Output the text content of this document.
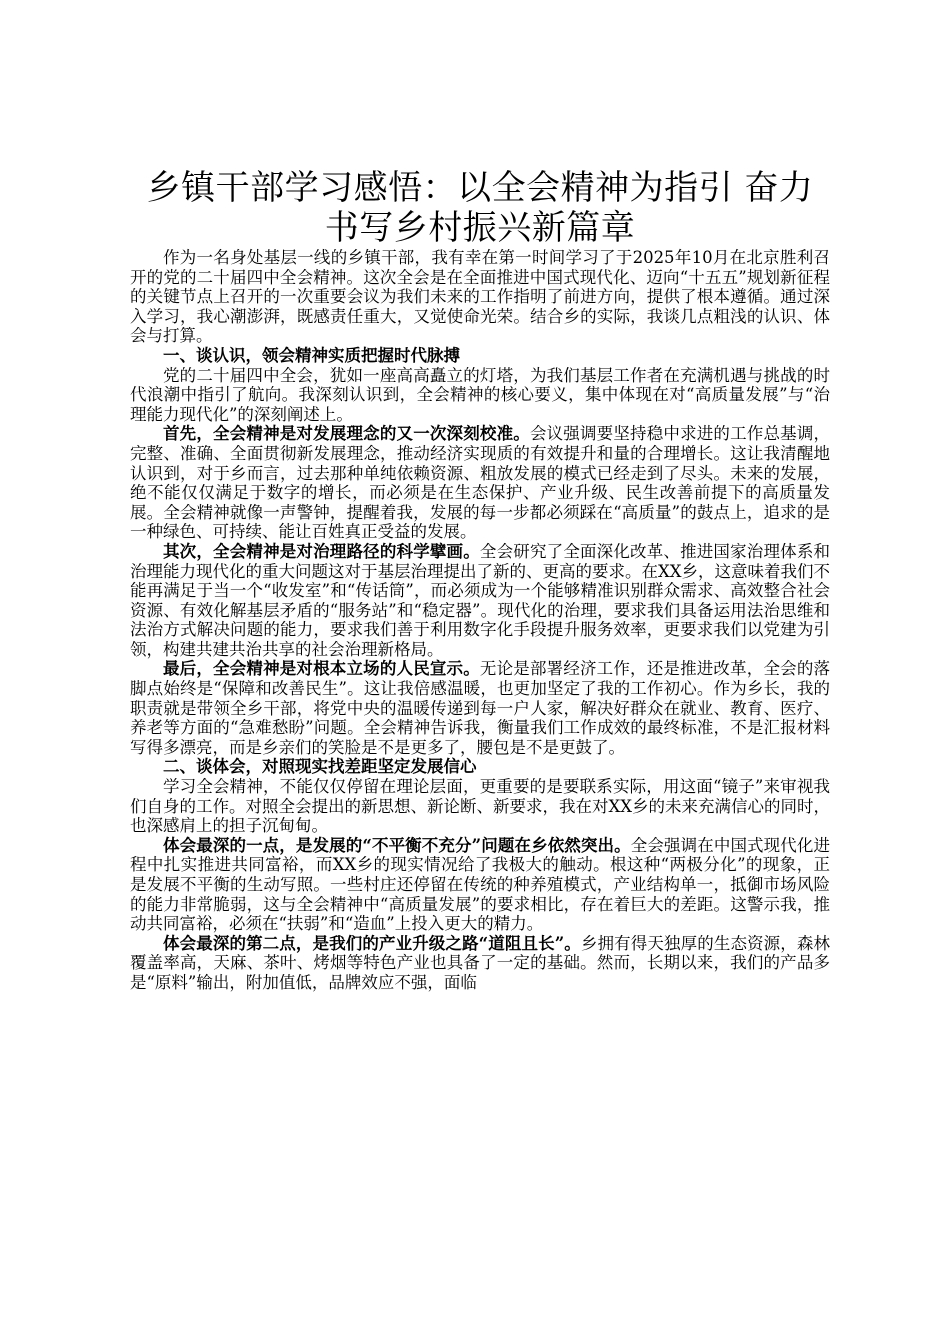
乡镇干部学习感悟：以全会精神为指引 奋力
书写乡村振兴新篇章

作为一名身处基层一线的乡镇干部，我有幸在第一时间学习了于2025年10月在北京胜利召开的党的二十届四中全会精神。这次全会是在全面推进中国式现代化、迈向“十五五”规划新征程的关键节点上召开的一次重要会议为我们未来的工作指明了前进方向，提供了根本遵循。通过深入学习，我心潮澎湃，既感责任重大，又觉使命光荣。结合乡的实际，我谈几点粗浅的认识、体会与打算。

一、谈认识，领会精神实质把握时代脉搏

党的二十届四中全会，犹如一座高高矗立的灯塔，为我们基层工作者在充满机遇与挑战的时代浪潮中指引了航向。我深刻认识到，全会精神的核心要义，集中体现在对“高质量发展”与“治理能力现代化”的深刻阐述上。

首先，全会精神是对发展理念的又一次深刻校准。会议强调要坚持稳中求进的工作总基调，完整、准确、全面贯彻新发展理念，推动经济实现质的有效提升和量的合理增长。这让我清醒地认识到，对于乡而言，过去那种单纯依赖资源、粗放发展的模式已经走到了尽头。未来的发展，绝不能仅仅满足于数字的增长，而必须是在生态保护、产业升级、民生改善前提下的高质量发展。全会精神就像一声警钟，提醒着我，发展的每一步都必须踩在“高质量”的鼓点上，追求的是一种绿色、可持续、能让百姓真正受益的发展。

其次，全会精神是对治理路径的科学擘画。全会研究了全面深化改革、推进国家治理体系和治理能力现代化的重大问题这对于基层治理提出了新的、更高的要求。在XX乡，这意味着我们不能再满足于当一个“收发室”和“传话筒”，而必须成为一个能够精准识别群众需求、高效整合社会资源、有效化解基层矛盾的“服务站”和“稳定器”。现代化的治理，要求我们具备运用法治思维和法治方式解决问题的能力，要求我们善于利用数字化手段提升服务效率，更要求我们以党建为引领，构建共建共治共享的社会治理新格局。

最后，全会精神是对根本立场的人民宣示。无论是部署经济工作，还是推进改革，全会的落脚点始终是“保障和改善民生”。这让我倍感温暖，也更加坚定了我的工作初心。作为乡长，我的职责就是带领全乡干部，将党中央的温暖传递到每一户人家，解决好群众在就业、教育、医疗、养老等方面的“急难愁盼”问题。全会精神告诉我，衡量我们工作成效的最终标准，不是汇报材料写得多漂亮，而是乡亲们的笑脸是不是更多了，腰包是不是更鼓了。

二、谈体会，对照现实找差距坚定发展信心

学习全会精神，不能仅仅停留在理论层面，更重要的是要联系实际，用这面“镜子”来审视我们自身的工作。对照全会提出的新思想、新论断、新要求，我在对XX乡的未来充满信心的同时，也深感肩上的担子沉甸甸。

体会最深的一点，是发展的“不平衡不充分”问题在乡依然突出。全会强调在中国式现代化进程中扎实推进共同富裕，而XX乡的现实情况给了我极大的触动。根这种“两极分化”的现象，正是发展不平衡的生动写照。一些村庄还停留在传统的种养殖模式，产业结构单一，抵御市场风险的能力非常脆弱，这与全会精神中“高质量发展”的要求相比，存在着巨大的差距。这警示我，推动共同富裕，必须在“扶弱”和“造血”上投入更大的精力。

体会最深的第二点，是我们的产业升级之路“道阻且长”。乡拥有得天独厚的生态资源，森林覆盖率高，天麻、茶叶、烤烟等特色产业也具备了一定的基础。然而，长期以来，我们的产品多是“原料”输出，附加值低，品牌效应不强，面临
